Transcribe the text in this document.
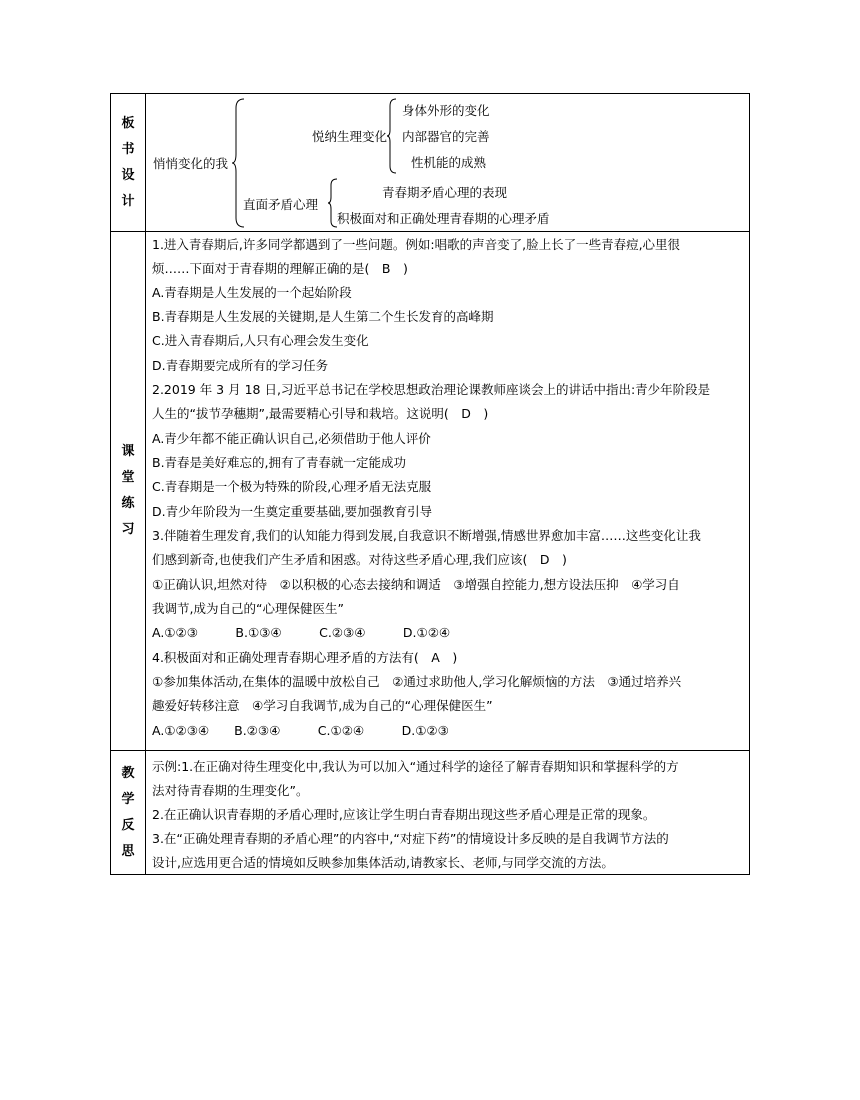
板
书
设
计
悄悄变化的我
悦纳生理变化
身体外形的变化
内部器官的完善
性机能的成熟
直面矛盾心理
青春期矛盾心理的表现
积极面对和正确处理青春期的心理矛盾
课
堂
练
习
1.进入青春期后,许多同学都遇到了一些问题。例如:唱歌的声音变了,脸上长了一些青春痘,心里很
烦……下面对于青春期的理解正确的是(　B　)
A.青春期是人生发展的一个起始阶段
B.青春期是人生发展的关键期,是人生第二个生长发育的高峰期
C.进入青春期后,人只有心理会发生变化
D.青春期要完成所有的学习任务
2.2019 年 3 月 18 日,习近平总书记在学校思想政治理论课教师座谈会上的讲话中指出:青少年阶段是
人生的“拔节孕穗期”,最需要精心引导和栽培。这说明(　D　)
A.青少年都不能正确认识自己,必须借助于他人评价
B.青春是美好难忘的,拥有了青春就一定能成功
C.青春期是一个极为特殊的阶段,心理矛盾无法克服
D.青少年阶段为一生奠定重要基础,要加强教育引导
3.伴随着生理发育,我们的认知能力得到发展,自我意识不断增强,情感世界愈加丰富……这些变化让我
们感到新奇,也使我们产生矛盾和困惑。对待这些矛盾心理,我们应该(　D　)
①正确认识,坦然对待　②以积极的心态去接纳和调适　③增强自控能力,想方设法压抑　④学习自
我调节,成为自己的“心理保健医生”
A.①②③　　　B.①③④　　　C.②③④　　　D.①②④
4.积极面对和正确处理青春期心理矛盾的方法有(　A　)
①参加集体活动,在集体的温暖中放松自己　②通过求助他人,学习化解烦恼的方法　③通过培养兴
趣爱好转移注意　④学习自我调节,成为自己的“心理保健医生”
A.①②③④　　B.②③④　　　C.①②④　　　D.①②③
教
学
反
思
示例:1.在正确对待生理变化中,我认为可以加入“通过科学的途径了解青春期知识和掌握科学的方
法对待青春期的生理变化”。
2.在正确认识青春期的矛盾心理时,应该让学生明白青春期出现这些矛盾心理是正常的现象。
3.在“正确处理青春期的矛盾心理”的内容中,“对症下药”的情境设计多反映的是自我调节方法的
设计,应选用更合适的情境如反映参加集体活动,请教家长、老师,与同学交流的方法。
